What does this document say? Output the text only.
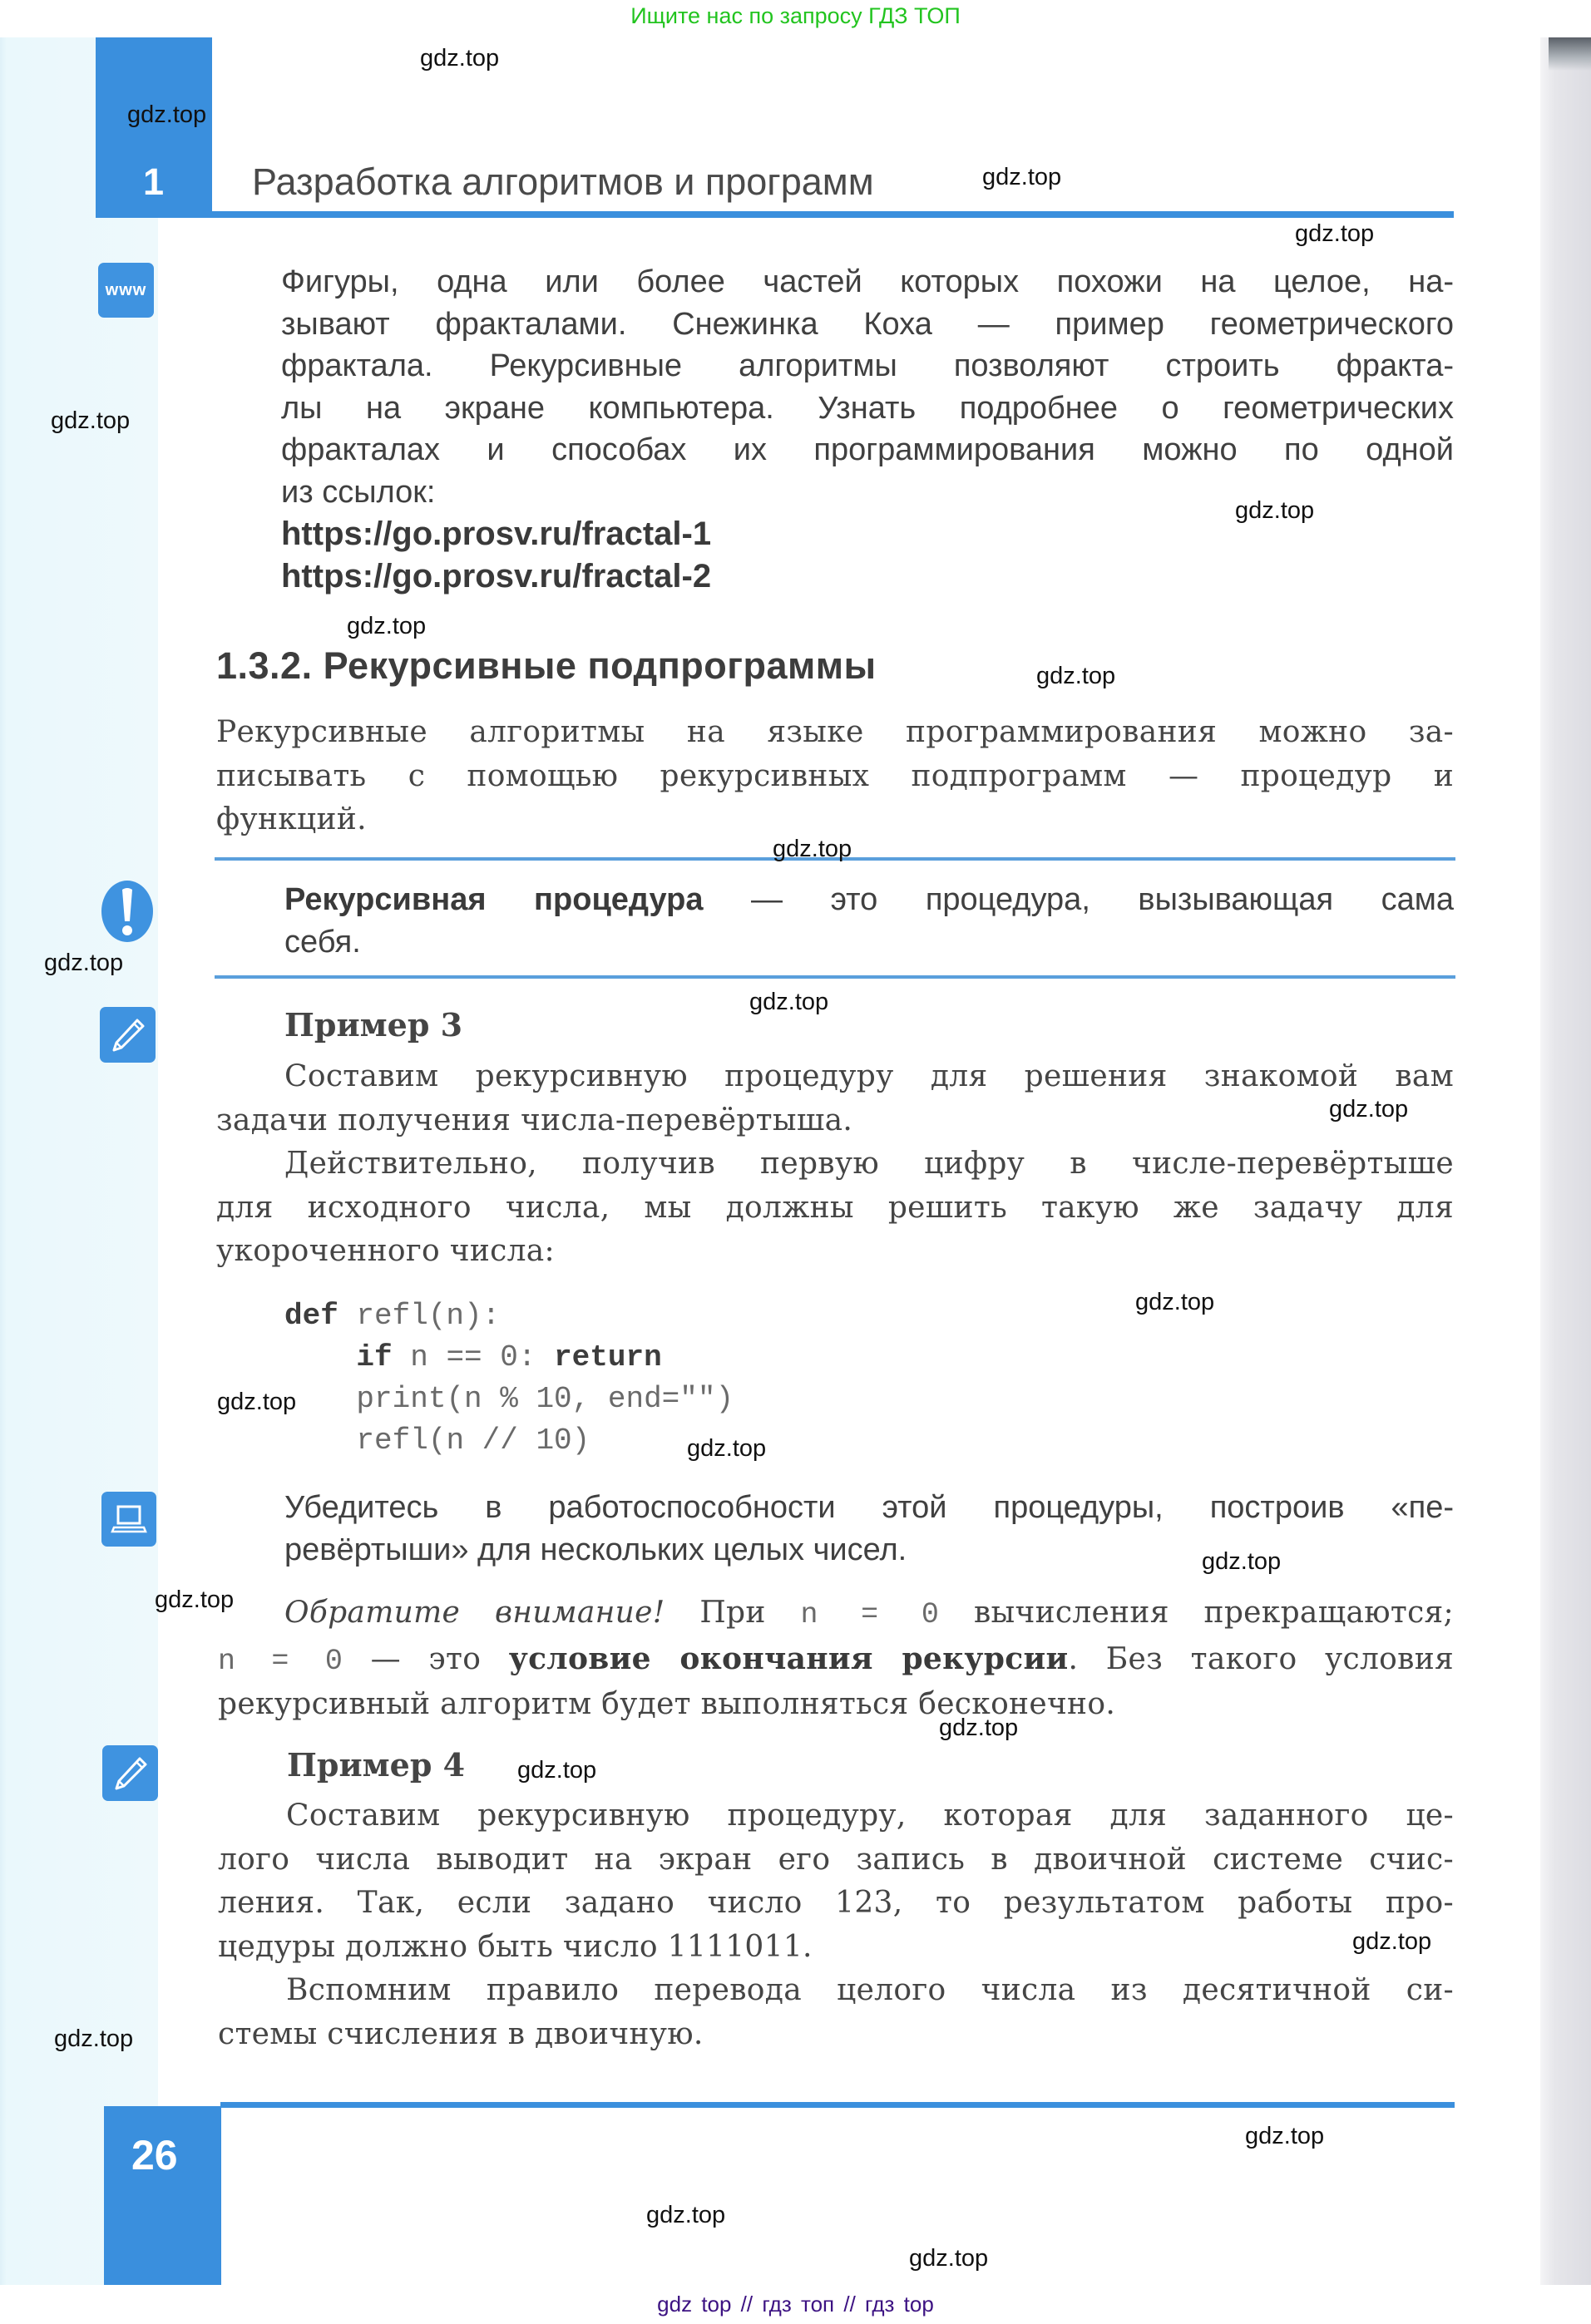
Ищите нас по запросу ГДЗ ТОП
1 Разработка алгоритмов и программ
www	Фигуры, одна или более частей которых похожи на целое, на-
зывают фракталами. Снежинка Коха — пример геометрического
фрактала. Рекурсивные алгоритмы позволяют строить фракта-
лы на экране компьютера. Узнать подробнее о геометрических
фракталах и способах их программирования можно по одной
из ссылок:
https://go.prosv.ru/fractal-1
https://go.prosv.ru/fractal-2
1.3.2. Рекурсивные подпрограммы
Рекурсивные алгоритмы на языке программирования можно за-
писывать с помощью рекурсивных подпрограмм — процедур и
функций.
Рекурсивная процедура — это процедура, вызывающая сама
себя.
Пример 3
Составим рекурсивную процедуру для решения знакомой вам
задачи получения числа-перевёртыша.
Действительно, получив первую цифру в числе-перевёртыше
для исходного числа, мы должны решить такую же задачу для
укороченного числа:
def refl(n):
if n == 0: return
print(n % 10, end="")
refl(n // 10)
Убедитесь в работоспособности этой процедуры, построив «пе-
ревёртыши» для нескольких целых чисел.
Обратите внимание! При n = 0 вычисления прекращаются;
n = 0 — это условие окончания рекурсии. Без такого условия
рекурсивный алгоритм будет выполняться бесконечно.
Пример 4
Составим рекурсивную процедуру, которая для заданного це-
лого числа выводит на экран его запись в двоичной системе счис-
ления. Так, если задано число 123, то результатом работы про-
цедуры должно быть число 1111011.
Вспомним правило перевода целого числа из десятичной си-
стемы счисления в двоичную.
26
gdz.top
gdz.top
gdz.top
gdz.top
gdz.top
gdz.top
gdz.top
gdz.top
gdz.top
gdz.top
gdz.top
gdz.top
gdz.top
gdz.top
gdz.top
gdz.top
gdz.top
gdz.top
gdz.top
gdz.top
gdz.top
gdz.top
gdz.top
gdz.top
gdz top // гдз топ // гдз top
